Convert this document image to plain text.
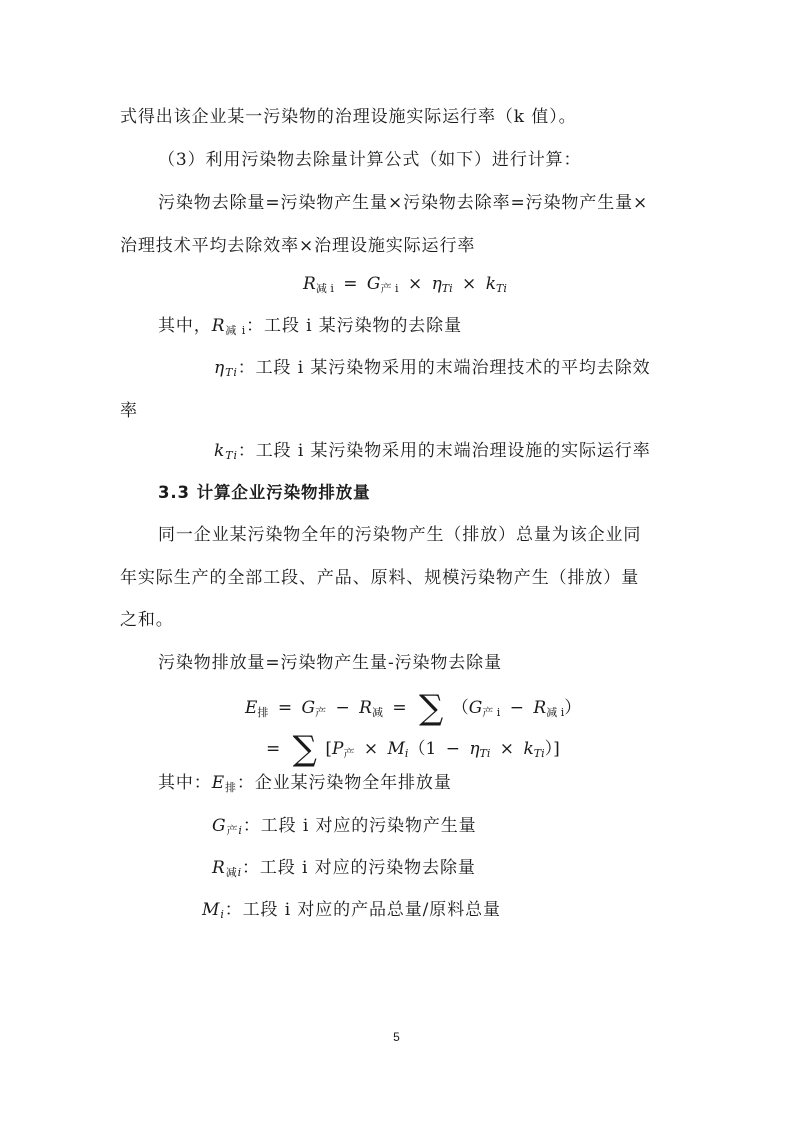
式得出该企业某一污染物的治理设施实际运行率（k 值）。
（3）利用污染物去除量计算公式（如下）进行计算：
污染物去除量=污染物产生量×污染物去除率=污染物产生量×
治理技术平均去除效率×治理设施实际运行率
$R_{减 i} = G_{产 i} \times \eta_{Ti} \times k_{Ti}$
其中，$R_{减 i}$：工段 i 某污染物的去除量
$\eta_{Ti}$：工段 i 某污染物采用的末端治理技术的平均去除效
率
$k_{Ti}$：工段 i 某污染物采用的末端治理设施的实际运行率
3.3 计算企业污染物排放量
同一企业某污染物全年的污染物产生（排放）总量为该企业同
年实际生产的全部工段、产品、原料、规模污染物产生（排放）量
之和。
污染物排放量=污染物产生量-污染物去除量
$E_排 = G_产 - R_减$ = ∑ $(G_{产 i} - R_{减 i})$
= ∑ $[P_产 \times M_i(1 - \eta_{Ti} \times k_{Ti})]$
其中：$E_排$：企业某污染物全年排放量
$G_{产i}$：工段 i 对应的污染物产生量
$R_{减i}$：工段 i 对应的污染物去除量
$M_i$：工段 i 对应的产品总量/原料总量
5
